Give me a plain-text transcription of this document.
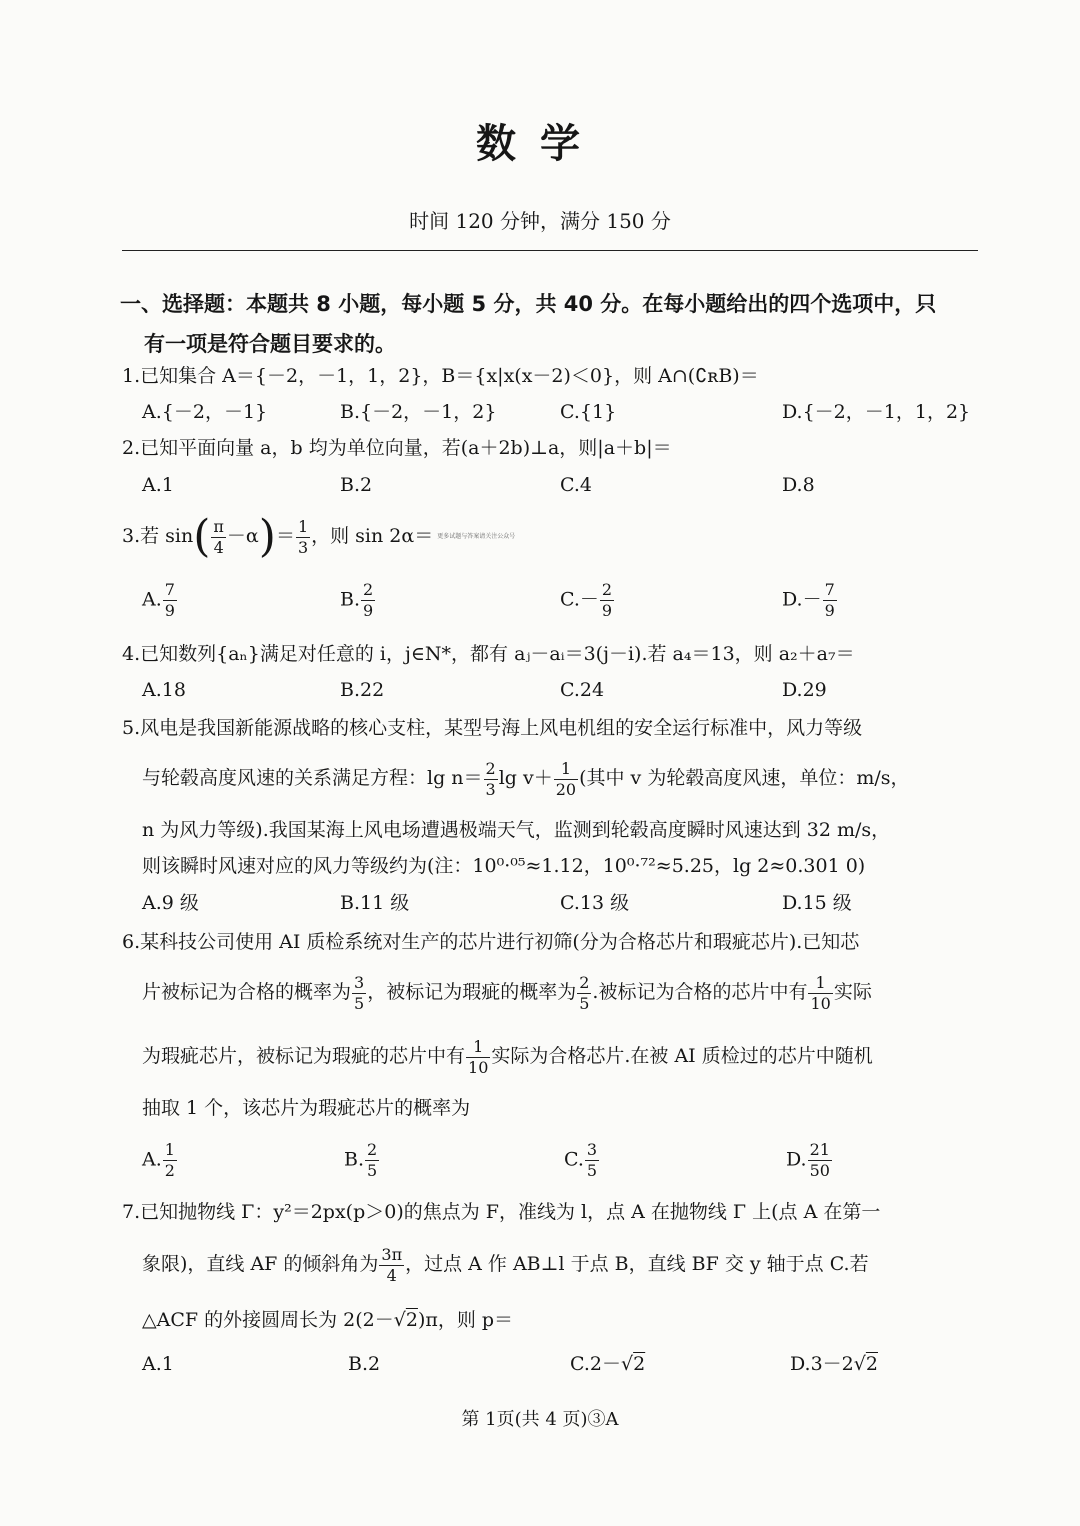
数学
时间 120 分钟，满分 150 分
一、选择题：本题共 8 小题，每小题 5 分，共 40 分。在每小题给出的四个选项中，只
有一项是符合题目要求的。
1.已知集合 A＝{－2，－1，1，2}，B＝{x|x(x－2)＜0}，则 A∩(∁ʀB)＝
A.{－2，－1}	B.{－2，－1，2}	C.{1}	D.{－2，－1，1，2}
2.已知平面向量 a，b 均为单位向量，若(a＋2b)⊥a，则|a＋b|＝
A.1	B.2	C.4	D.8
3.若 $\sin( \frac{\pi}{4} -\alpha)= \frac{1}{3}$ ，则 sin 2α＝ 更多试题与答案请关注公众号
A. $\frac{7}{9}$	B. $\frac{2}{9}$	$C.- \frac{2}{9}$	$D.- \frac{7}{9}$
4.已知数列{aₙ}满足对任意的 i，j∈N*，都有 aⱼ－aᵢ＝3(j－i).若 a₄＝13，则 a₂＋a₇＝
A.18	B.22	C.24	D.29
5.风电是我国新能源战略的核心支柱，某型号海上风电机组的安全运行标准中，风力等级
与轮毂高度风速的关系满足方程：$\lg n= \frac{2}{3}$ $\lg v+ \frac{1}{20}$ (其中 v 为轮毂高度风速，单位：m/s，
n 为风力等级).我国某海上风电场遭遇极端天气，监测到轮毂高度瞬时风速达到 32 m/s，
则该瞬时风速对应的风力等级约为(注：10⁰·⁰⁵≈1.12，10⁰·⁷²≈5.25，lg 2≈0.301 0)
A.9 级	B.11 级	C.13 级	D.15 级
6.某科技公司使用 AI 质检系统对生产的芯片进行初筛(分为合格芯片和瑕疵芯片).已知芯
片被标记为合格的概率为 $\frac{3}{5}$ ，被标记为瑕疵的概率为 $\frac{2}{5}$ .被标记为合格的芯片中有 $\frac{1}{10}$ 实际
为瑕疵芯片，被标记为瑕疵的芯片中有 $\frac{1}{10}$ 实际为合格芯片.在被 AI 质检过的芯片中随机
抽取 1 个，该芯片为瑕疵芯片的概率为
A. $\frac{1}{2}$	B. $\frac{2}{5}$	C. $\frac{3}{5}$	D. $\frac{21}{50}$
7.已知抛物线 Γ：y²＝2px(p＞0)的焦点为 F，准线为 l，点 A 在抛物线 Γ 上(点 A 在第一
象限)，直线 AF 的倾斜角为 $\frac{3\pi}{4}$ ，过点 A 作 AB⊥l 于点 B，直线 BF 交 y 轴于点 C.若
△ACF 的外接圆周长为 2(2－√2)π，则 p＝
A.1	B.2	C.2－√2	D.3－2√2
第 1页(共 4 页)③A
